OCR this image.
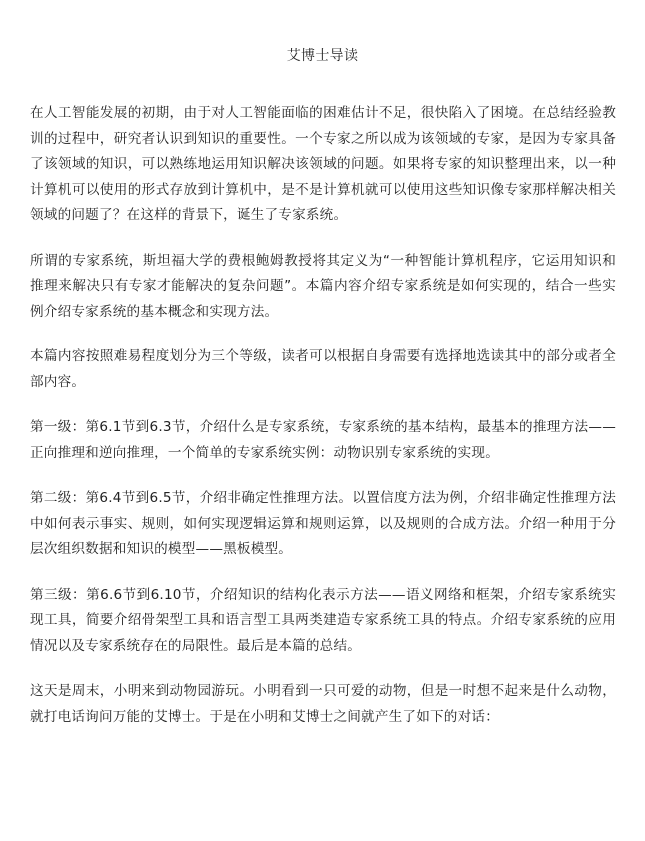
艾博士导读

在人工智能发展的初期，由于对人工智能面临的困难估计不足，很快陷入了困境。在总结经验教训的过程中，研究者认识到知识的重要性。一个专家之所以成为该领域的专家，是因为专家具备了该领域的知识，可以熟练地运用知识解决该领域的问题。如果将专家的知识整理出来，以一种计算机可以使用的形式存放到计算机中，是不是计算机就可以使用这些知识像专家那样解决相关领域的问题了？在这样的背景下，诞生了专家系统。

所谓的专家系统，斯坦福大学的费根鲍姆教授将其定义为“一种智能计算机程序，它运用知识和推理来解决只有专家才能解决的复杂问题”。本篇内容介绍专家系统是如何实现的，结合一些实例介绍专家系统的基本概念和实现方法。

本篇内容按照难易程度划分为三个等级，读者可以根据自身需要有选择地选读其中的部分或者全部内容。

第一级：第6.1节到6.3节，介绍什么是专家系统，专家系统的基本结构，最基本的推理方法——正向推理和逆向推理，一个简单的专家系统实例：动物识别专家系统的实现。

第二级：第6.4节到6.5节，介绍非确定性推理方法。以置信度方法为例，介绍非确定性推理方法中如何表示事实、规则，如何实现逻辑运算和规则运算，以及规则的合成方法。介绍一种用于分层次组织数据和知识的模型——黑板模型。

第三级：第6.6节到6.10节，介绍知识的结构化表示方法——语义网络和框架，介绍专家系统实现工具，简要介绍骨架型工具和语言型工具两类建造专家系统工具的特点。介绍专家系统的应用情况以及专家系统存在的局限性。最后是本篇的总结。

这天是周末，小明来到动物园游玩。小明看到一只可爱的动物，但是一时想不起来是什么动物，就打电话询问万能的艾博士。于是在小明和艾博士之间就产生了如下的对话：
